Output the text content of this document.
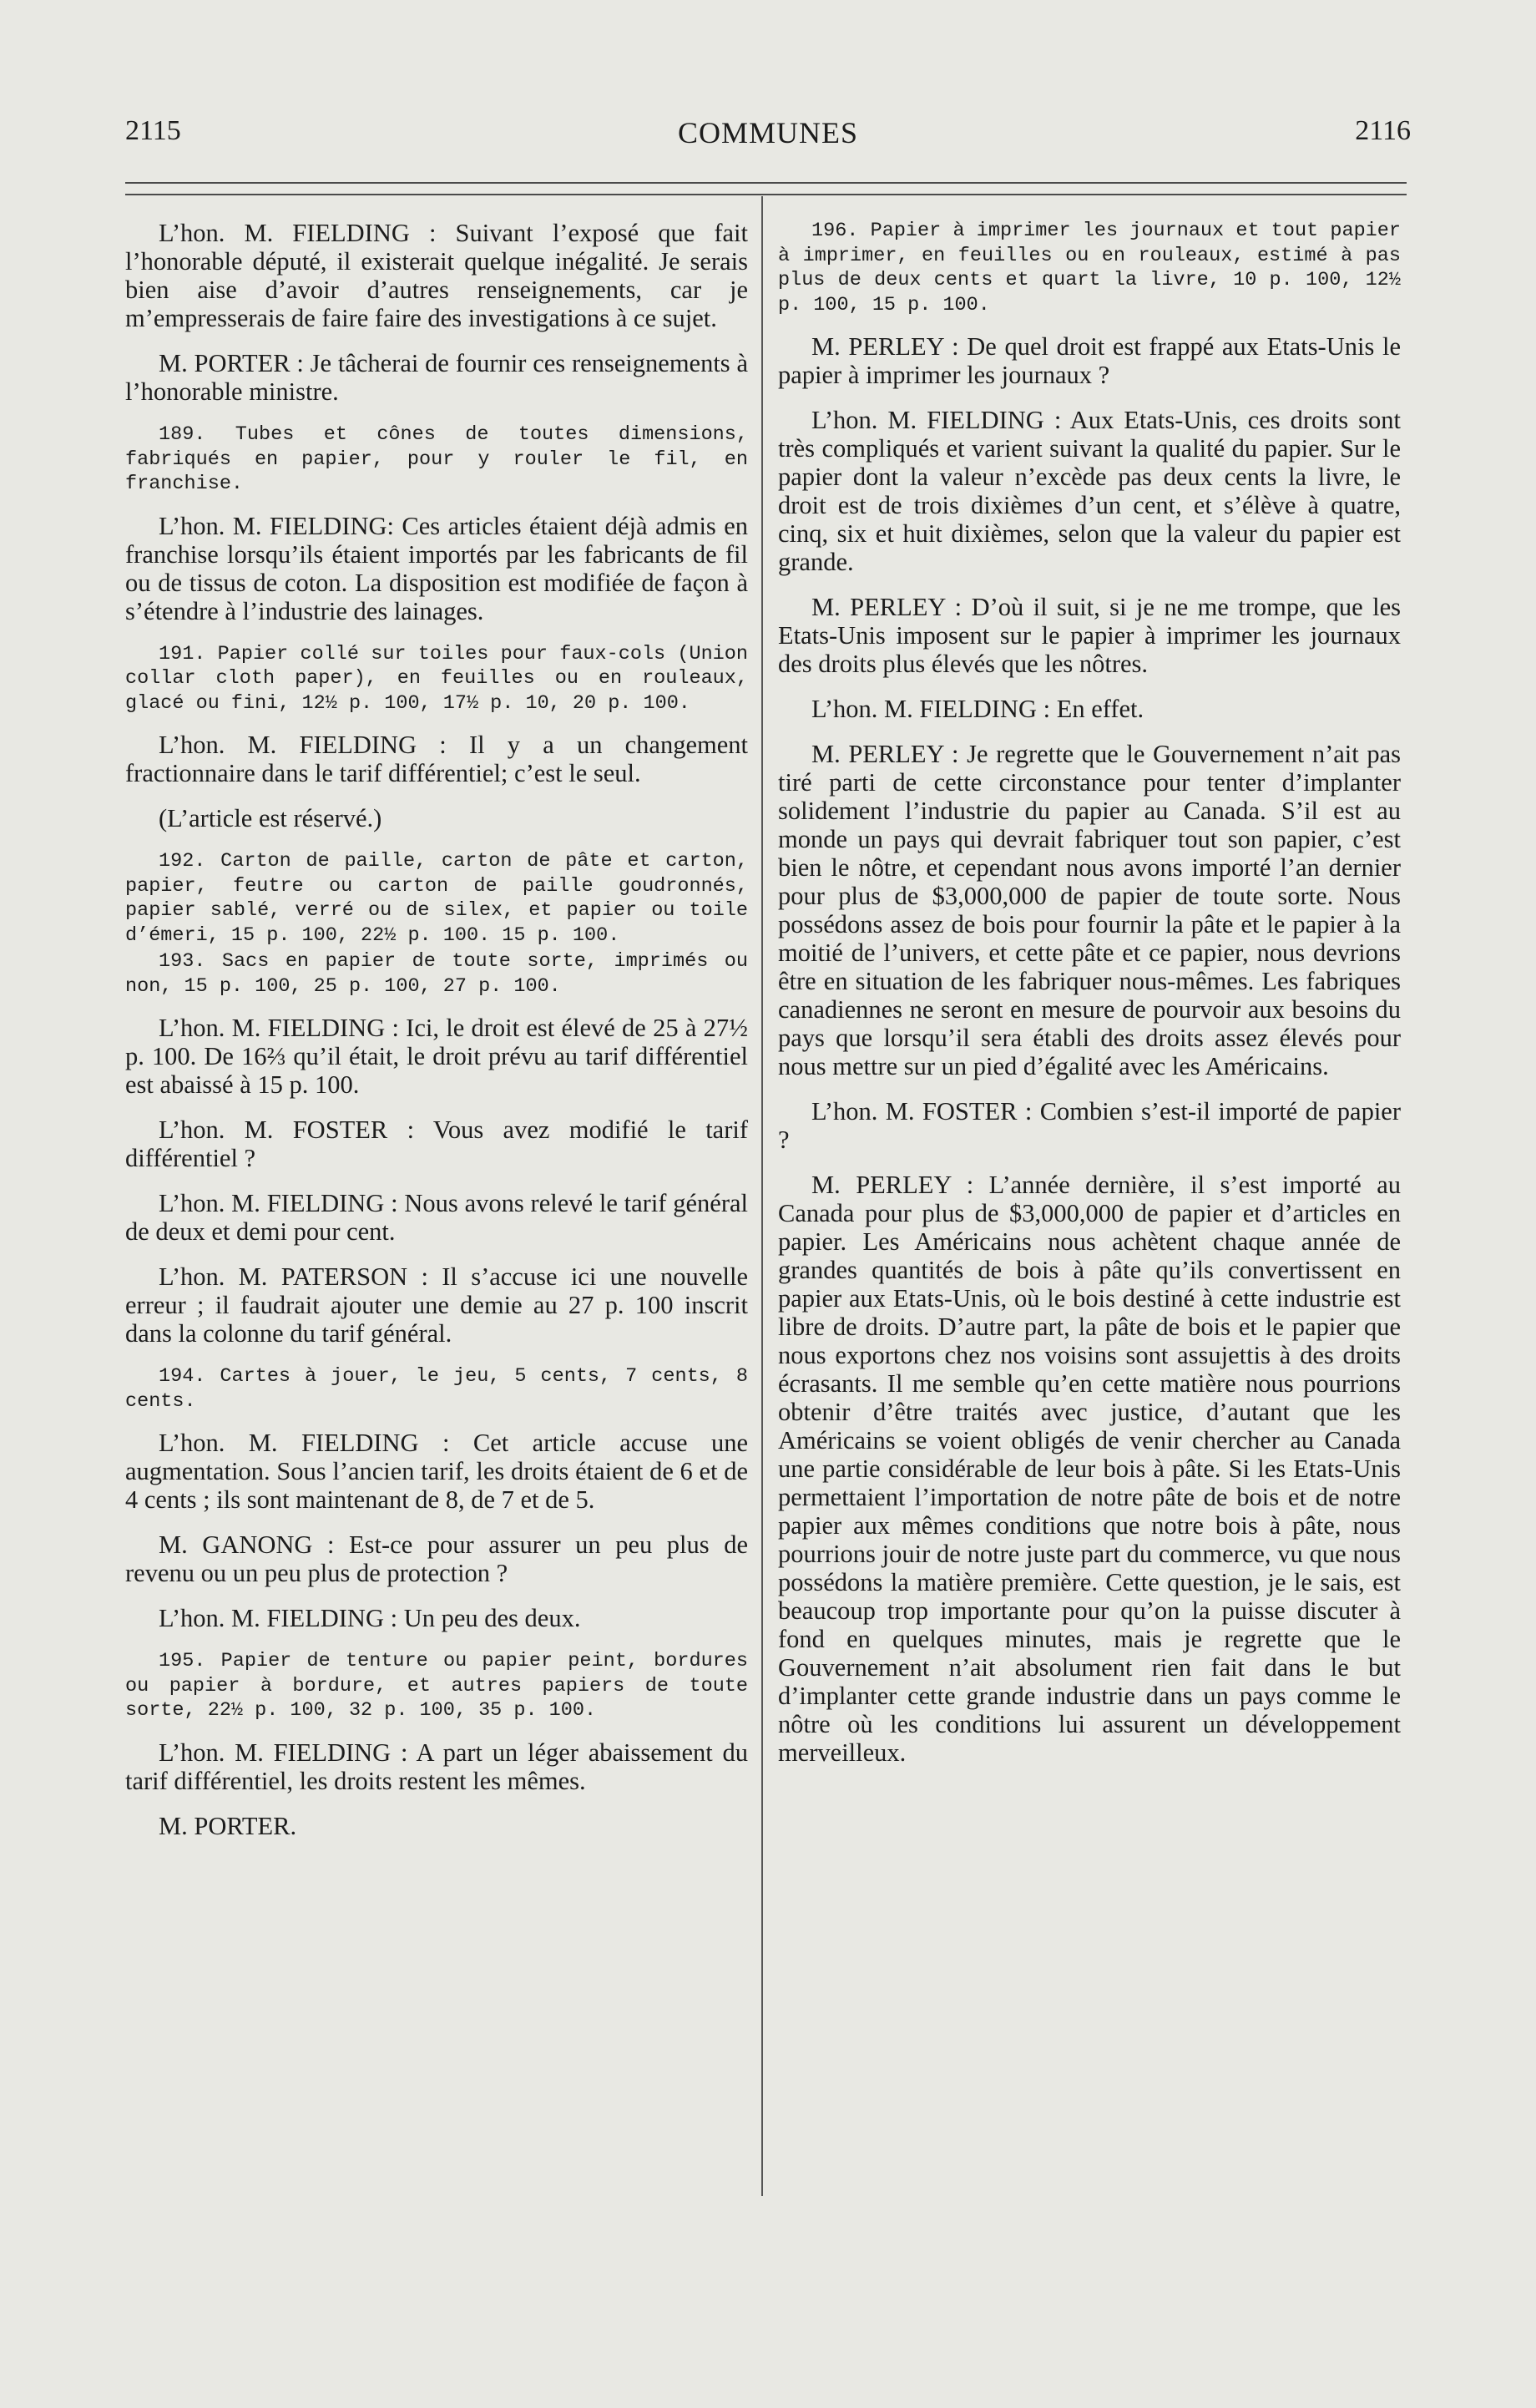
2115	COMMUNES	2116

L’hon. M. FIELDING : Suivant l’exposé que fait l’honorable député, il existerait quelque inégalité. Je serais bien aise d’avoir d’autres renseignements, car je m’empresserais de faire faire des investigations à ce sujet.

M. PORTER : Je tâcherai de fournir ces renseignements à l’honorable ministre.

189. Tubes et cônes de toutes dimensions, fabriqués en papier, pour y rouler le fil, en franchise.

L’hon. M. FIELDING: Ces articles étaient déjà admis en franchise lorsqu’ils étaient importés par les fabricants de fil ou de tissus de coton. La disposition est modifiée de façon à s’étendre à l’industrie des lainages.

191. Papier collé sur toiles pour faux-cols (Union collar cloth paper), en feuilles ou en rouleaux, glacé ou fini, 12½ p. 100, 17½ p. 10, 20 p. 100.

L’hon. M. FIELDING : Il y a un changement fractionnaire dans le tarif différentiel; c’est le seul.

(L’article est réservé.)

192. Carton de paille, carton de pâte et carton, papier, feutre ou carton de paille goudronnés, papier sablé, verré ou de silex, et papier ou toile d’émeri, 15 p. 100, 22½ p. 100. 15 p. 100.

193. Sacs en papier de toute sorte, imprimés ou non, 15 p. 100, 25 p. 100, 27 p. 100.

L’hon. M. FIELDING : Ici, le droit est élevé de 25 à 27½ p. 100. De 16⅔ qu’il était, le droit prévu au tarif différentiel est abaissé à 15 p. 100.

L’hon. M. FOSTER : Vous avez modifié le tarif différentiel ?

L’hon. M. FIELDING : Nous avons relevé le tarif général de deux et demi pour cent.

L’hon. M. PATERSON : Il s’accuse ici une nouvelle erreur ; il faudrait ajouter une demie au 27 p. 100 inscrit dans la colonne du tarif général.

194. Cartes à jouer, le jeu, 5 cents, 7 cents, 8 cents.

L’hon. M. FIELDING : Cet article accuse une augmentation. Sous l’ancien tarif, les droits étaient de 6 et de 4 cents ; ils sont maintenant de 8, de 7 et de 5.

M. GANONG : Est-ce pour assurer un peu plus de revenu ou un peu plus de protection ?

L’hon. M. FIELDING : Un peu des deux.

195. Papier de tenture ou papier peint, bordures ou papier à bordure, et autres papiers de toute sorte, 22½ p. 100, 32 p. 100, 35 p. 100.

L’hon. M. FIELDING : A part un léger abaissement du tarif différentiel, les droits restent les mêmes.

M. PORTER.

196. Papier à imprimer les journaux et tout papier à imprimer, en feuilles ou en rouleaux, estimé à pas plus de deux cents et quart la livre, 10 p. 100, 12½ p. 100, 15 p. 100.

M. PERLEY : De quel droit est frappé aux Etats-Unis le papier à imprimer les journaux ?

L’hon. M. FIELDING : Aux Etats-Unis, ces droits sont très compliqués et varient suivant la qualité du papier. Sur le papier dont la valeur n’excède pas deux cents la livre, le droit est de trois dixièmes d’un cent, et s’élève à quatre, cinq, six et huit dixièmes, selon que la valeur du papier est grande.

M. PERLEY : D’où il suit, si je ne me trompe, que les Etats-Unis imposent sur le papier à imprimer les journaux des droits plus élevés que les nôtres.

L’hon. M. FIELDING : En effet.

M. PERLEY : Je regrette que le Gouvernement n’ait pas tiré parti de cette circonstance pour tenter d’implanter solidement l’industrie du papier au Canada. S’il est au monde un pays qui devrait fabriquer tout son papier, c’est bien le nôtre, et cependant nous avons importé l’an dernier pour plus de $3,000,000 de papier de toute sorte. Nous possédons assez de bois pour fournir la pâte et le papier à la moitié de l’univers, et cette pâte et ce papier, nous devrions être en situation de les fabriquer nous-mêmes. Les fabriques canadiennes ne seront en mesure de pourvoir aux besoins du pays que lorsqu’il sera établi des droits assez élevés pour nous mettre sur un pied d’égalité avec les Américains.

L’hon. M. FOSTER : Combien s’est-il importé de papier ?

M. PERLEY : L’année dernière, il s’est importé au Canada pour plus de $3,000,000 de papier et d’articles en papier. Les Américains nous achètent chaque année de grandes quantités de bois à pâte qu’ils convertissent en papier aux Etats-Unis, où le bois destiné à cette industrie est libre de droits. D’autre part, la pâte de bois et le papier que nous exportons chez nos voisins sont assujettis à des droits écrasants. Il me semble qu’en cette matière nous pourrions obtenir d’être traités avec justice, d’autant que les Américains se voient obligés de venir chercher au Canada une partie considérable de leur bois à pâte. Si les Etats-Unis permettaient l’importation de notre pâte de bois et de notre papier aux mêmes conditions que notre bois à pâte, nous pourrions jouir de notre juste part du commerce, vu que nous possédons la matière première. Cette question, je le sais, est beaucoup trop importante pour qu’on la puisse discuter à fond en quelques minutes, mais je regrette que le Gouvernement n’ait absolument rien fait dans le but d’implanter cette grande industrie dans un pays comme le nôtre où les conditions lui assurent un développement merveilleux.
